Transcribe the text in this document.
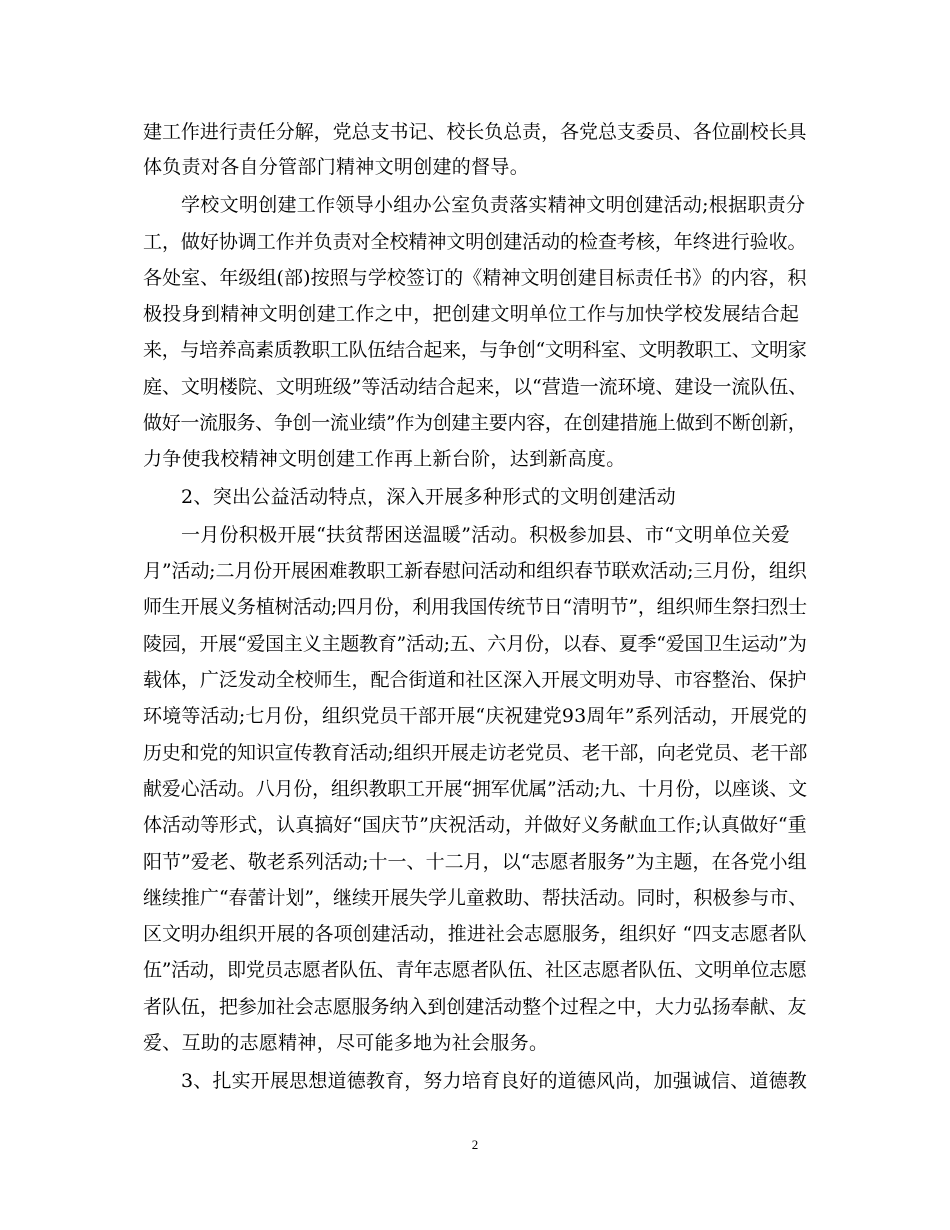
建工作进行责任分解，党总支书记、校长负总责，各党总支委员、各位副校长具
体负责对各自分管部门精神文明创建的督导。
学校文明创建工作领导小组办公室负责落实精神文明创建活动;根据职责分
工，做好协调工作并负责对全校精神文明创建活动的检查考核，年终进行验收。
各处室、年级组(部)按照与学校签订的《精神文明创建目标责任书》的内容，积
极投身到精神文明创建工作之中，把创建文明单位工作与加快学校发展结合起
来，与培养高素质教职工队伍结合起来，与争创“文明科室、文明教职工、文明家
庭、文明楼院、文明班级”等活动结合起来，以“营造一流环境、建设一流队伍、
做好一流服务、争创一流业绩”作为创建主要内容，在创建措施上做到不断创新，
力争使我校精神文明创建工作再上新台阶，达到新高度。
2、突出公益活动特点，深入开展多种形式的文明创建活动
一月份积极开展“扶贫帮困送温暖”活动。积极参加县、市“文明单位关爱
月”活动;二月份开展困难教职工新春慰问活动和组织春节联欢活动;三月份，组织
师生开展义务植树活动;四月份，利用我国传统节日“清明节”，组织师生祭扫烈士
陵园，开展“爱国主义主题教育”活动;五、六月份，以春、夏季“爱国卫生运动”为
载体，广泛发动全校师生，配合街道和社区深入开展文明劝导、市容整治、保护
环境等活动;七月份，组织党员干部开展“庆祝建党93周年”系列活动，开展党的
历史和党的知识宣传教育活动;组织开展走访老党员、老干部，向老党员、老干部
献爱心活动。八月份，组织教职工开展“拥军优属”活动;九、十月份，以座谈、文
体活动等形式，认真搞好“国庆节”庆祝活动，并做好义务献血工作;认真做好“重
阳节”爱老、敬老系列活动;十一、十二月，以“志愿者服务”为主题，在各党小组
继续推广“春蕾计划”，继续开展失学儿童救助、帮扶活动。同时，积极参与市、
区文明办组织开展的各项创建活动，推进社会志愿服务，组织好 “四支志愿者队
伍”活动，即党员志愿者队伍、青年志愿者队伍、社区志愿者队伍、文明单位志愿
者队伍，把参加社会志愿服务纳入到创建活动整个过程之中，大力弘扬奉献、友
爱、互助的志愿精神，尽可能多地为社会服务。
3、扎实开展思想道德教育，努力培育良好的道德风尚，加强诚信、道德教
2
